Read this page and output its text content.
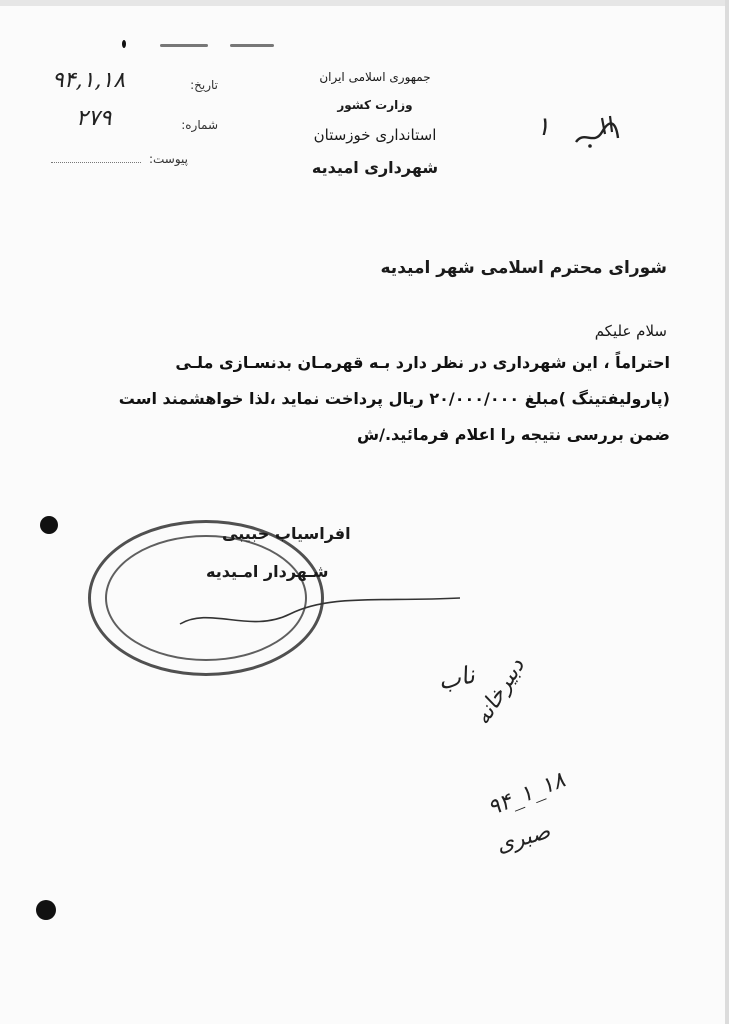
جمهوری اسلامی ایران
وزارت کشور
استانداری خوزستان
شهرداری امیدیه
۱
تاریخ:
۹۴,۱,۱۸
شماره:
۲۷۹
پیوست:
شورای محترم اسلامی شهر امیدیه
سلام علیکم
احتراماً ، این شهرداری در نظر دارد بـه قهرمـان بدنسـازی ملـی
(پارولیفتینگ )مبلغ ۲۰/۰۰۰/۰۰۰ ریال پرداخت نماید ،لذا خواهشمند است
ضمن بررسی نتیجه را اعلام فرمائید./ش
افراسیاب حبیبی
شـهردار امـیدیه
ناب
دبیرخانه
۹۴_۱_۱۸
صبری
